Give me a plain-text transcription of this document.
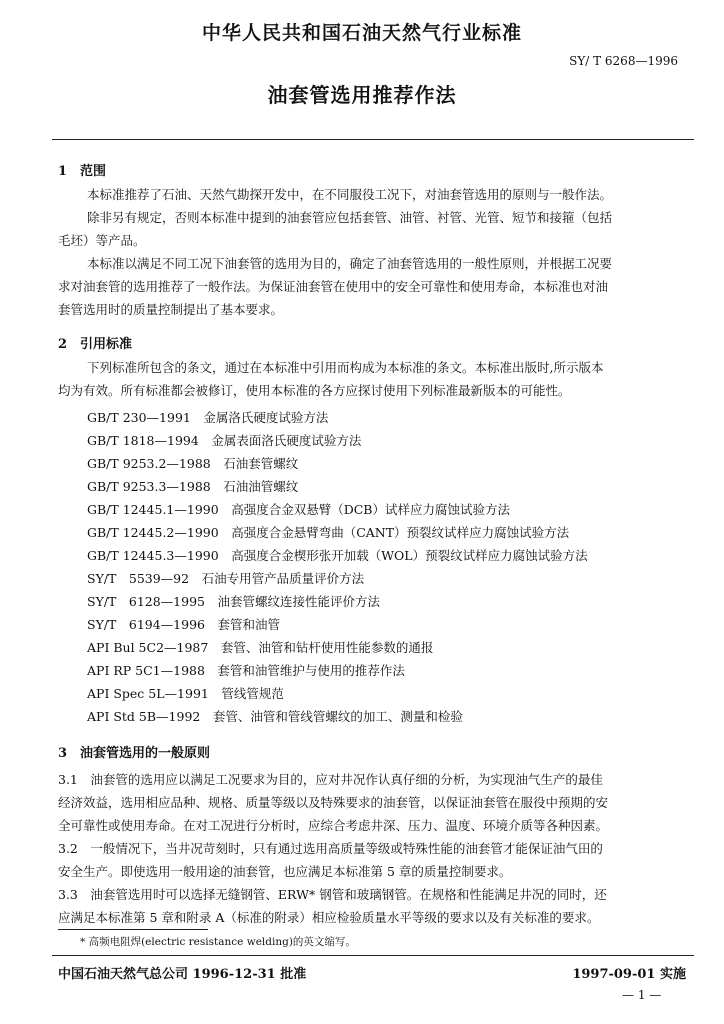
中华人民共和国石油天然气行业标准
SY/ T 6268—1996
油套管选用推荐作法
1　范围
本标准推荐了石油、天然气勘探开发中，在不同服役工况下，对油套管选用的原则与一般作法。
除非另有规定，否则本标准中提到的油套管应包括套管、油管、衬管、光管、短节和接箍（包括
毛坯）等产品。
本标准以满足不同工况下油套管的选用为目的，确定了油套管选用的一般性原则，并根据工况要
求对油套管的选用推荐了一般作法。为保证油套管在使用中的安全可靠性和使用寿命，本标准也对油
套管选用时的质量控制提出了基本要求。
2　引用标准
下列标准所包含的条文，通过在本标准中引用而构成为本标准的条文。本标准出版时,所示版本
均为有效。所有标准都会被修订，使用本标准的各方应探讨使用下列标准最新版本的可能性。
GB/T 230—1991　金属洛氏硬度试验方法
GB/T 1818—1994　金属表面洛氏硬度试验方法
GB/T 9253.2—1988　石油套管螺纹
GB/T 9253.3—1988　石油油管螺纹
GB/T 12445.1—1990　高强度合金双悬臂（DCB）试样应力腐蚀试验方法
GB/T 12445.2—1990　高强度合金悬臂弯曲（CANT）预裂纹试样应力腐蚀试验方法
GB/T 12445.3—1990　高强度合金楔形张开加载（WOL）预裂纹试样应力腐蚀试验方法
SY/T　5539—92　石油专用管产品质量评价方法
SY/T　6128—1995　油套管螺纹连接性能评价方法
SY/T　6194—1996　套管和油管
API Bul 5C2—1987　套管、油管和钻杆使用性能参数的通报
API RP 5C1—1988　套管和油管维护与使用的推荐作法
API Spec 5L—1991　管线管规范
API Std 5B—1992　套管、油管和管线管螺纹的加工、测量和检验
3　油套管选用的一般原则
3.1　油套管的选用应以满足工况要求为目的，应对井况作认真仔细的分析，为实现油气生产的最佳
经济效益，选用相应品种、规格、质量等级以及特殊要求的油套管，以保证油套管在服役中预期的安
全可靠性或使用寿命。在对工况进行分析时，应综合考虑井深、压力、温度、环境介质等各种因素。
3.2　一般情况下，当井况苛刻时，只有通过选用高质量等级或特殊性能的油套管才能保证油气田的
安全生产。即使选用一般用途的油套管，也应满足本标准第 5 章的质量控制要求。
3.3　油套管选用时可以选择无缝钢管、ERW* 钢管和玻璃钢管。在规格和性能满足井况的同时，还
应满足本标准第 5 章和附录 A（标准的附录）相应检验质量水平等级的要求以及有关标准的要求。
* 高频电阻焊(electric resistance welding)的英文缩写。
中国石油天然气总公司 1996-12-31 批准	1997-09-01 实施
— 1 —
